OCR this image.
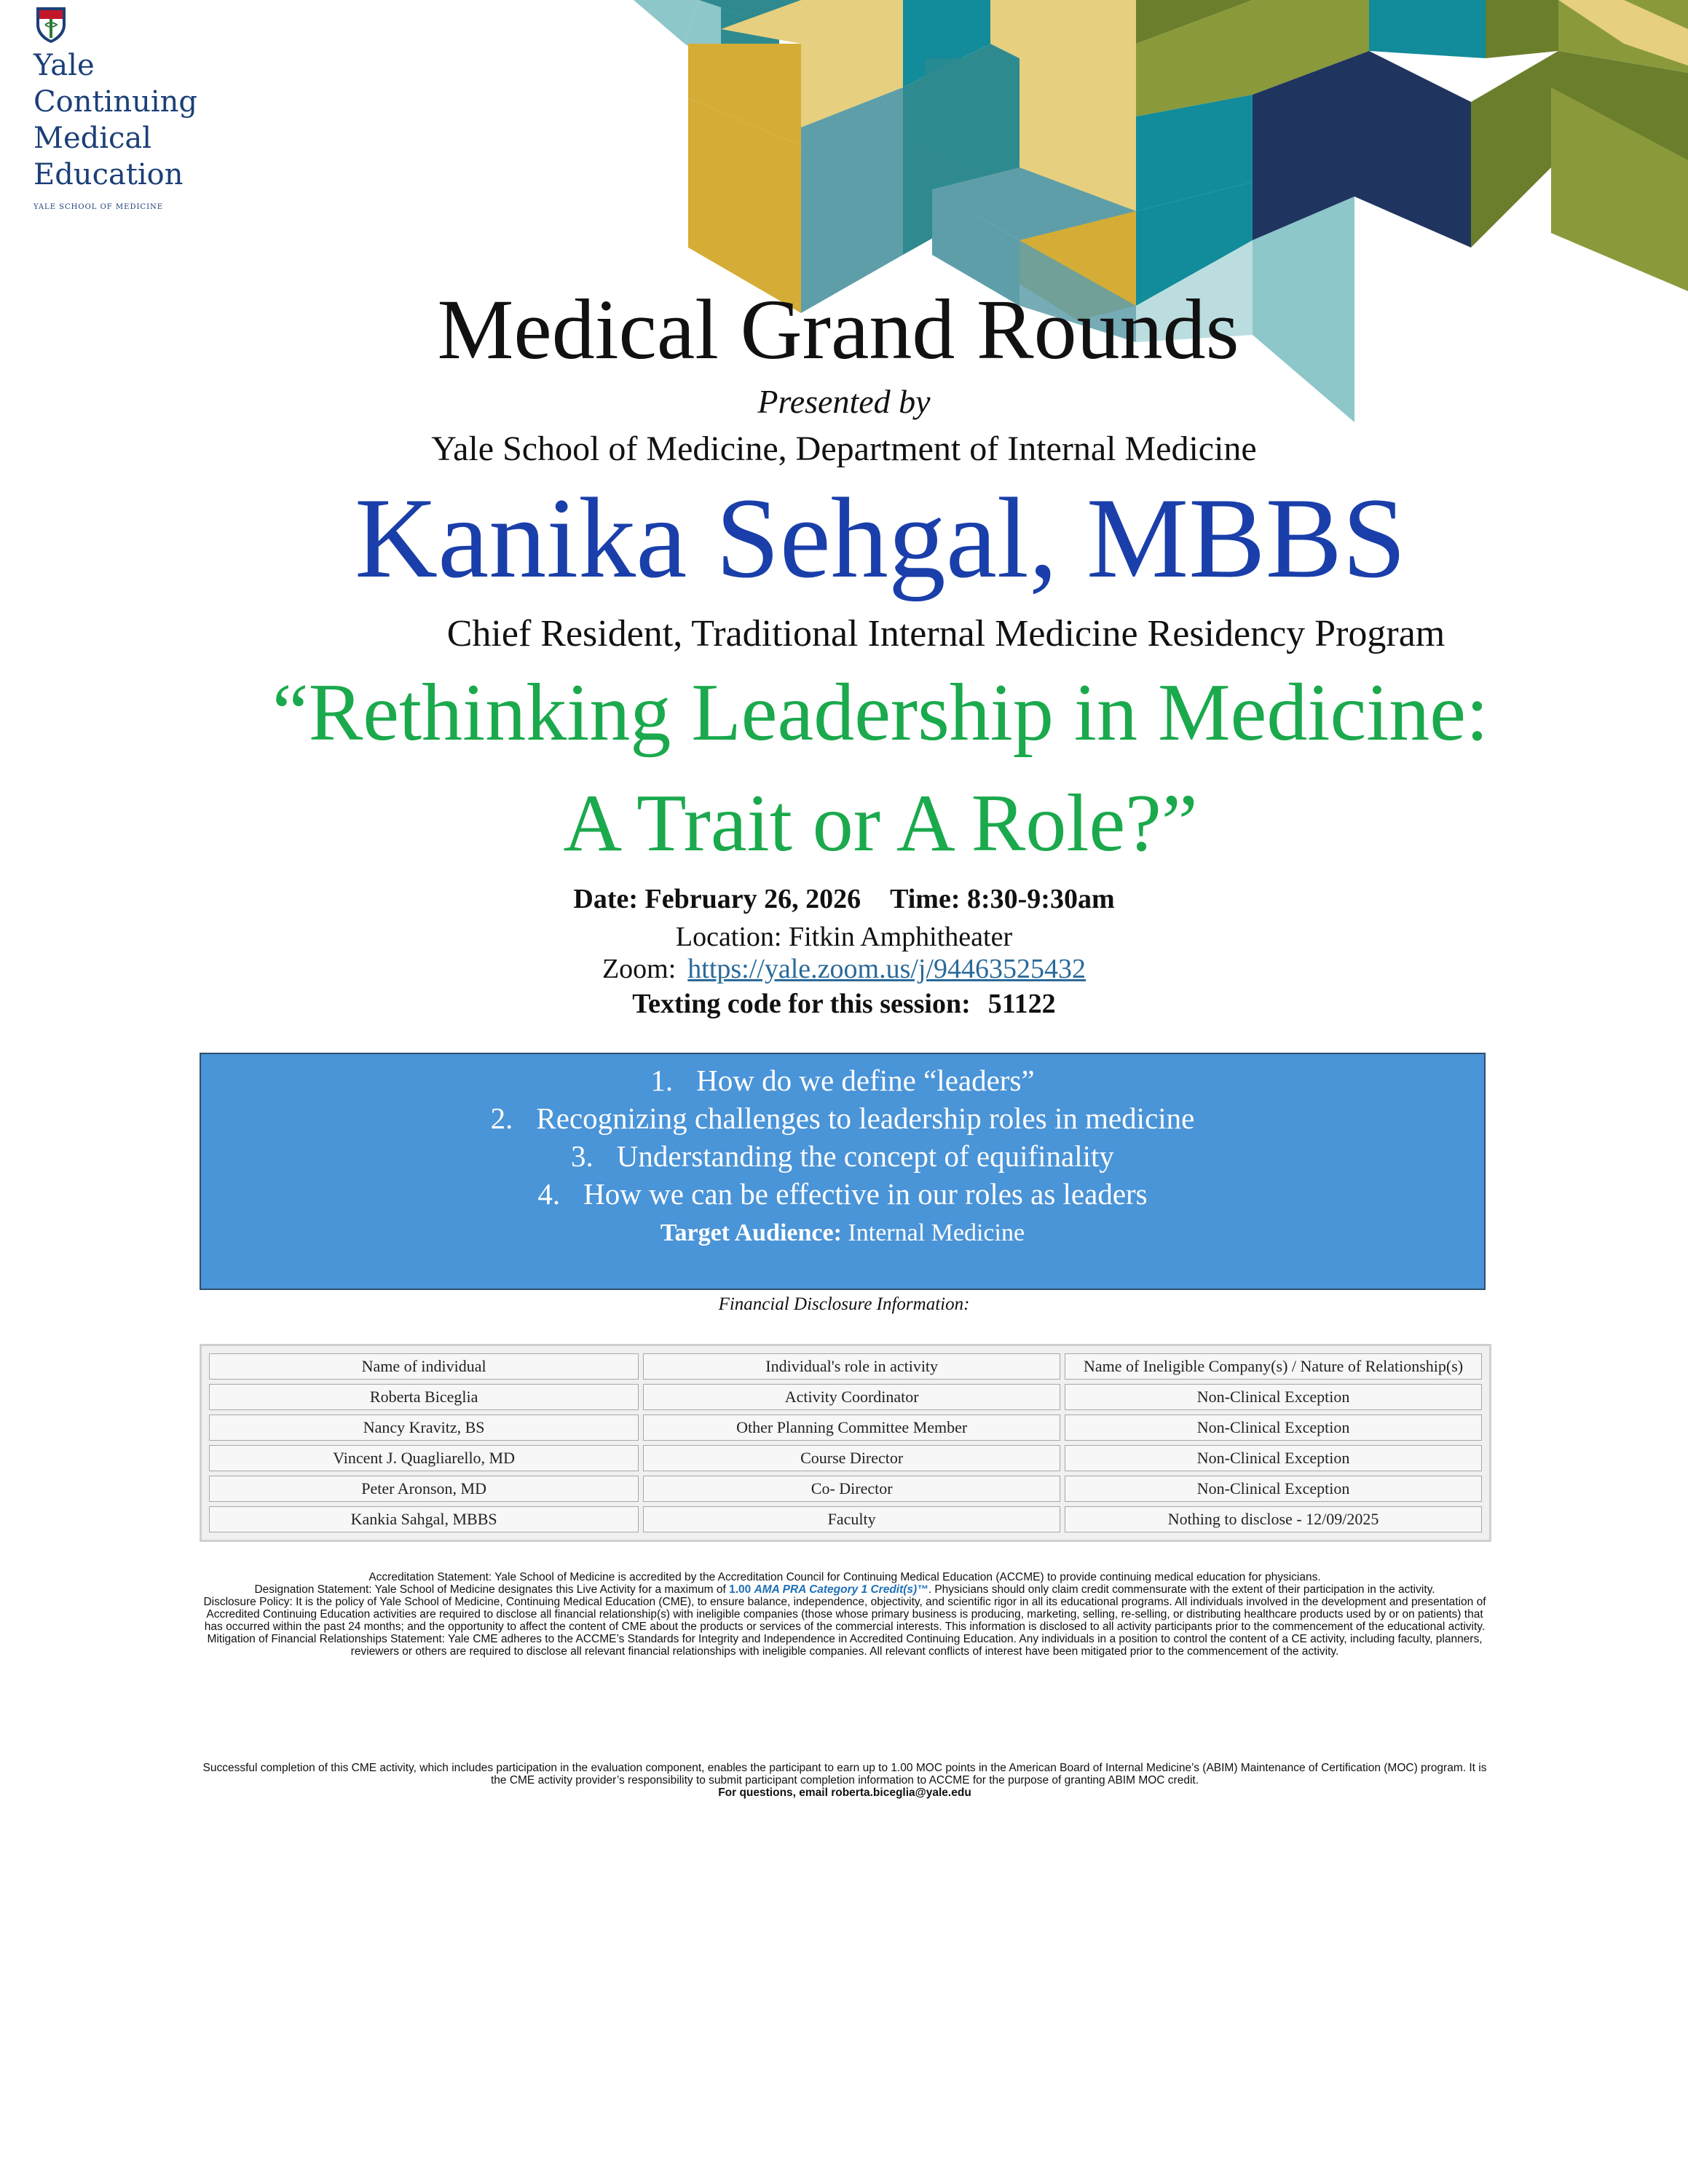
Yale
Continuing
Medical
Education
YALE SCHOOL OF MEDICINE
Medical Grand Rounds
Presented by
Yale School of Medicine, Department of Internal Medicine
Kanika Sehgal, MBBS
Chief Resident, Traditional Internal Medicine Residency Program
“Rethinking Leadership in Medicine:
A Trait or A Role?”
Date: February 26, 2026 Time: 8:30-9:30am
Location: Fitkin Amphitheater
Zoom: https://yale.zoom.us/j/94463525432
Texting code for this session: 51122
1. How do we define “leaders”
2. Recognizing challenges to leadership roles in medicine
3. Understanding the concept of equifinality
4. How we can be effective in our roles as leaders
Target Audience: Internal Medicine
Financial Disclosure Information:
Name of individual	Individual's role in activity	Name of Ineligible Company(s) / Nature of Relationship(s)
Roberta Biceglia	Activity Coordinator	Non-Clinical Exception
Nancy Kravitz, BS	Other Planning Committee Member	Non-Clinical Exception
Vincent J. Quagliarello, MD	Course Director	Non-Clinical Exception
Peter Aronson, MD	Co- Director	Non-Clinical Exception
Kankia Sahgal, MBBS	Faculty	Nothing to disclose - 12/09/2025
Accreditation Statement: Yale School of Medicine is accredited by the Accreditation Council for Continuing Medical Education (ACCME) to provide continuing medical education for physicians.
Designation Statement: Yale School of Medicine designates this Live Activity for a maximum of 1.00 AMA PRA Category 1 Credit(s)™. Physicians should only claim credit commensurate with the extent of their participation in the activity.
Disclosure Policy: It is the policy of Yale School of Medicine, Continuing Medical Education (CME), to ensure balance, independence, objectivity, and scientific rigor in all its educational programs. All individuals involved in the development and presentation of Accredited Continuing Education activities are required to disclose all financial relationship(s) with ineligible companies (those whose primary business is producing, marketing, selling, re-selling, or distributing healthcare products used by or on patients) that has occurred within the past 24 months; and the opportunity to affect the content of CME about the products or services of the commercial interests. This information is disclosed to all activity participants prior to the commencement of the educational activity.
Mitigation of Financial Relationships Statement: Yale CME adheres to the ACCME’s Standards for Integrity and Independence in Accredited Continuing Education. Any individuals in a position to control the content of a CE activity, including faculty, planners, reviewers or others are required to disclose all relevant financial relationships with ineligible companies. All relevant conflicts of interest have been mitigated prior to the commencement of the activity.
Successful completion of this CME activity, which includes participation in the evaluation component, enables the participant to earn up to 1.00 MOC points in the American Board of Internal Medicine’s (ABIM) Maintenance of Certification (MOC) program. It is the CME activity provider’s responsibility to submit participant completion information to ACCME for the purpose of granting ABIM MOC credit.
For questions, email roberta.biceglia@yale.edu
